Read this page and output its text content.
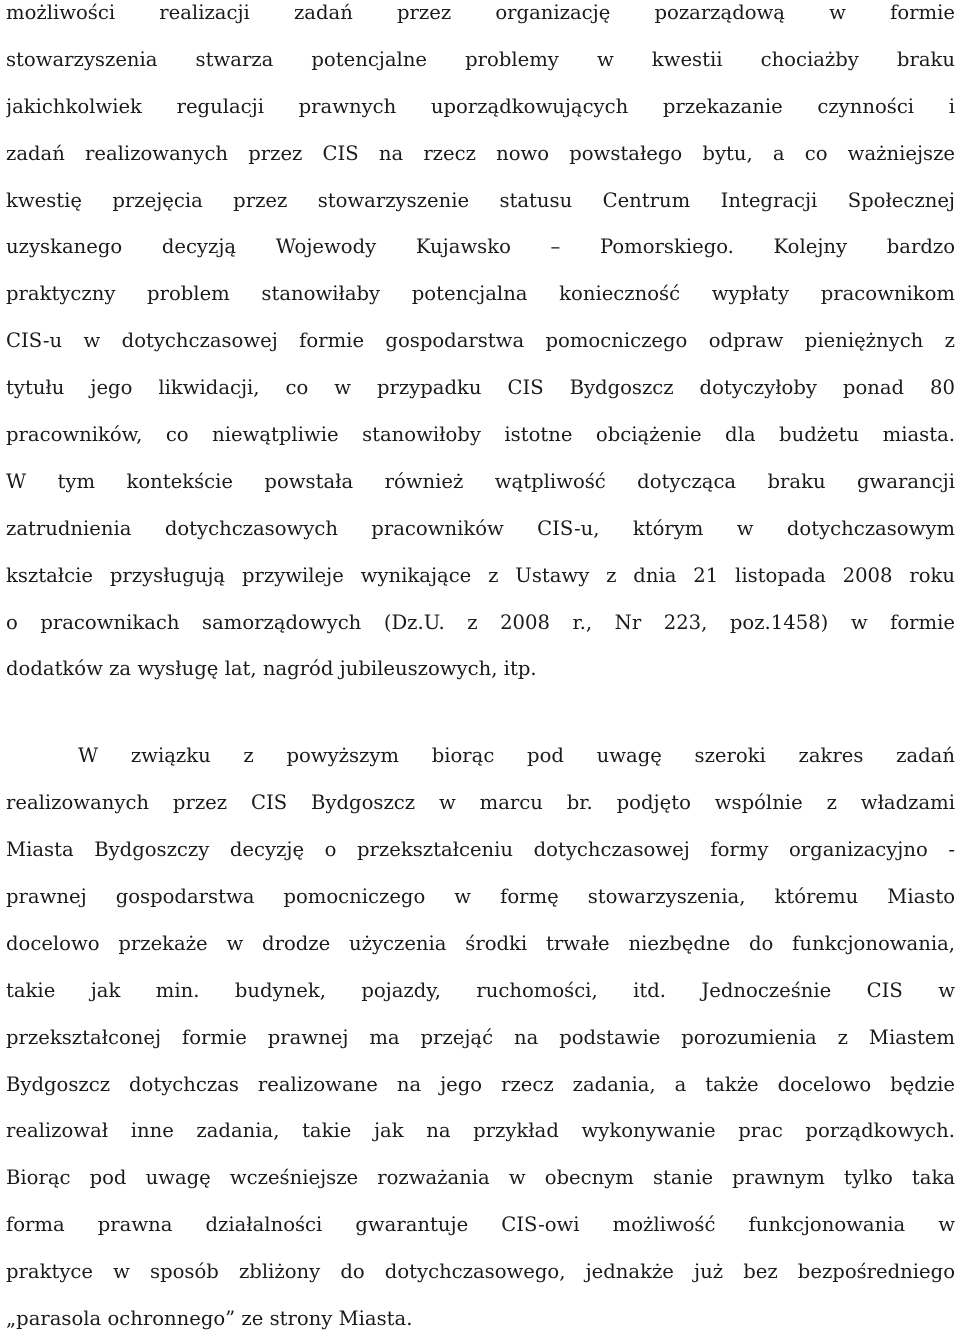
możliwości realizacji zadań przez organizację pozarządową w formie
stowarzyszenia stwarza potencjalne problemy w kwestii chociażby braku
jakichkolwiek regulacji prawnych uporządkowujących przekazanie czynności i
zadań realizowanych przez CIS na rzecz nowo powstałego bytu, a co ważniejsze
kwestię przejęcia przez stowarzyszenie statusu Centrum Integracji Społecznej
uzyskanego decyzją Wojewody Kujawsko – Pomorskiego. Kolejny bardzo
praktyczny problem stanowiłaby potencjalna konieczność wypłaty pracownikom
CIS-u w dotychczasowej formie gospodarstwa pomocniczego odpraw pieniężnych z
tytułu jego likwidacji, co w przypadku CIS Bydgoszcz dotyczyłoby ponad 80
pracowników, co niewątpliwie stanowiłoby istotne obciążenie dla budżetu miasta.
W tym kontekście powstała również wątpliwość dotycząca braku gwarancji
zatrudnienia dotychczasowych pracowników CIS-u, którym w dotychczasowym
kształcie przysługują przywileje wynikające z Ustawy z dnia 21 listopada 2008 roku
o pracownikach samorządowych (Dz.U. z 2008 r., Nr 223, poz.1458) w formie
dodatków za wysługę lat, nagród jubileuszowych, itp.
W związku z powyższym biorąc pod uwagę szeroki zakres zadań
realizowanych przez CIS Bydgoszcz w marcu br. podjęto wspólnie z władzami
Miasta Bydgoszczy decyzję o przekształceniu dotychczasowej formy organizacyjno -
prawnej gospodarstwa pomocniczego w formę stowarzyszenia, któremu Miasto
docelowo przekaże w drodze użyczenia środki trwałe niezbędne do funkcjonowania,
takie jak min. budynek, pojazdy, ruchomości, itd. Jednocześnie CIS w
przekształconej formie prawnej ma przejąć na podstawie porozumienia z Miastem
Bydgoszcz dotychczas realizowane na jego rzecz zadania, a także docelowo będzie
realizował inne zadania, takie jak na przykład wykonywanie prac porządkowych.
Biorąc pod uwagę wcześniejsze rozważania w obecnym stanie prawnym tylko taka
forma prawna działalności gwarantuje CIS-owi możliwość funkcjonowania w
praktyce w sposób zbliżony do dotychczasowego, jednakże już bez bezpośredniego
„parasola ochronnego” ze strony Miasta.
